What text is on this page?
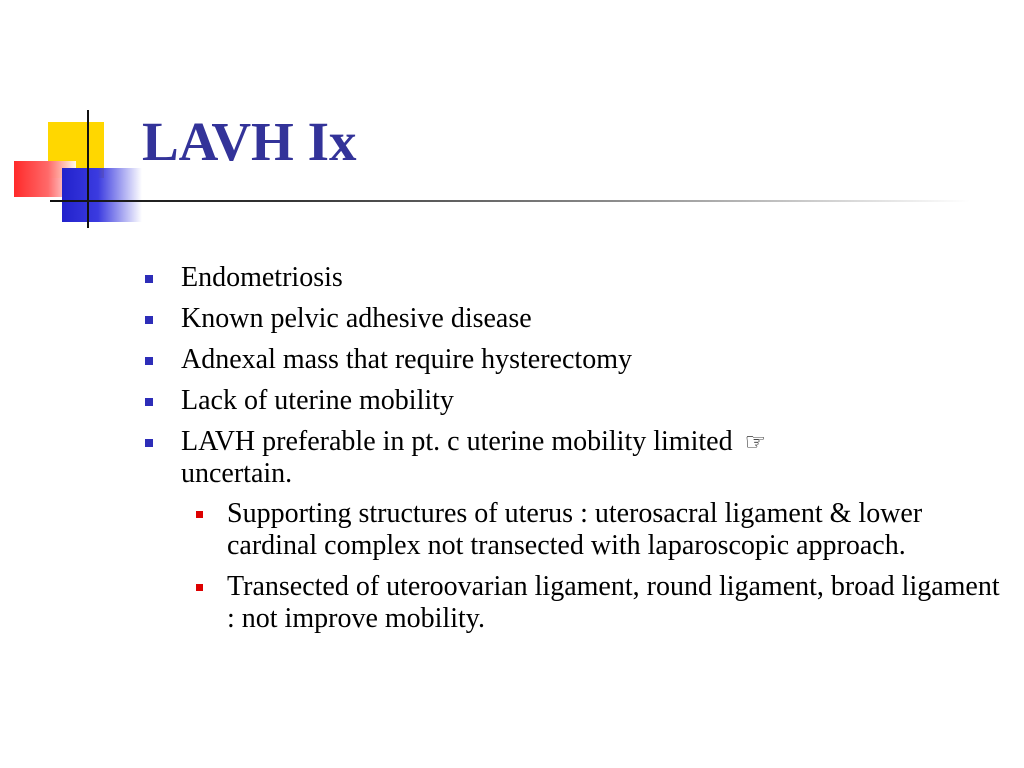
LAVH Ix
Endometriosis
Known pelvic adhesive disease
Adnexal mass that require hysterectomy
Lack of uterine mobility
LAVH preferable in pt. c uterine mobility limited ☞
uncertain.
Supporting structures of uterus : uterosacral ligament & lower cardinal complex not transected with laparoscopic approach.
Transected of uteroovarian ligament, round ligament, broad ligament : not improve mobility.
